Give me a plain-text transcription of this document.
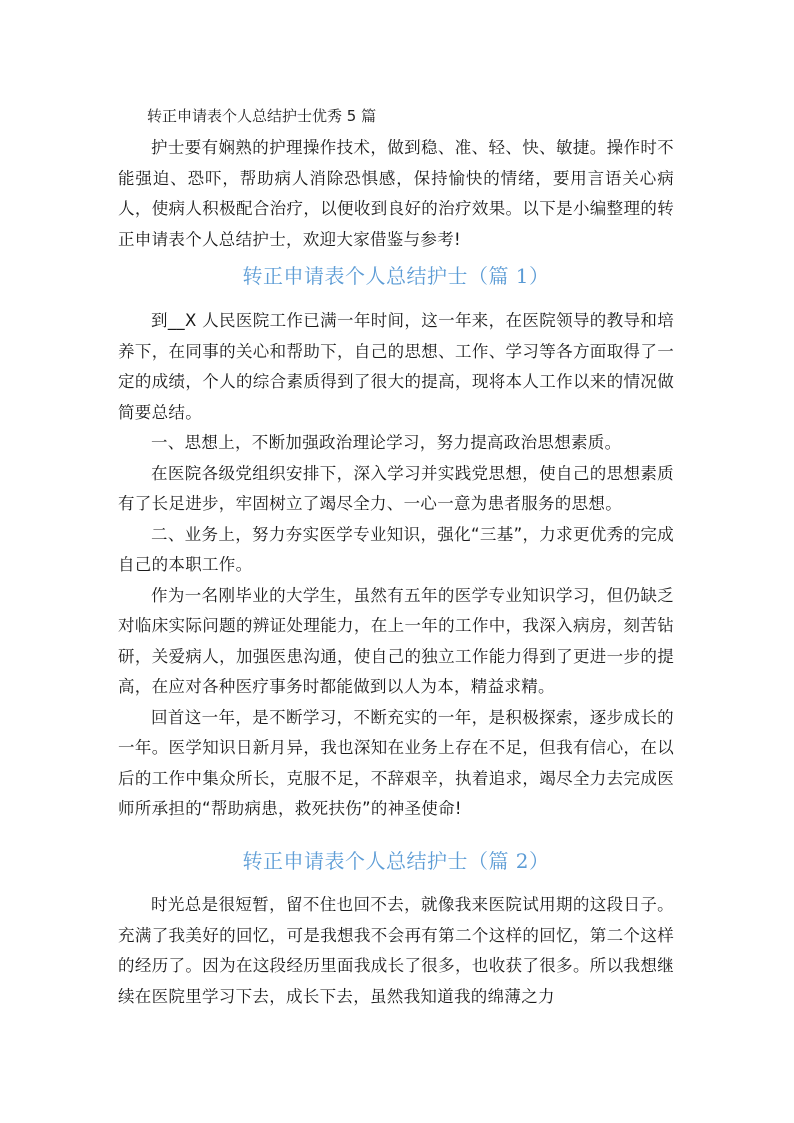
转正申请表个人总结护士优秀 5 篇

护士要有娴熟的护理操作技术，做到稳、准、轻、快、敏捷。操作时不能强迫、恐吓，帮助病人消除恐惧感，保持愉快的情绪，要用言语关心病人，使病人积极配合治疗，以便收到良好的治疗效果。以下是小编整理的转正申请表个人总结护士，欢迎大家借鉴与参考!

转正申请表个人总结护士（篇 1）

到__X 人民医院工作已满一年时间，这一年来，在医院领导的教导和培养下，在同事的关心和帮助下，自己的思想、工作、学习等各方面取得了一定的成绩，个人的综合素质得到了很大的提高，现将本人工作以来的情况做简要总结。

一、思想上，不断加强政治理论学习，努力提高政治思想素质。

在医院各级党组织安排下，深入学习并实践党思想，使自己的思想素质有了长足进步，牢固树立了竭尽全力、一心一意为患者服务的思想。

二、业务上，努力夯实医学专业知识，强化“三基”，力求更优秀的完成自己的本职工作。

作为一名刚毕业的大学生，虽然有五年的医学专业知识学习，但仍缺乏对临床实际问题的辨证处理能力，在上一年的工作中，我深入病房，刻苦钻研，关爱病人，加强医患沟通，使自己的独立工作能力得到了更进一步的提高，在应对各种医疗事务时都能做到以人为本，精益求精。

回首这一年，是不断学习，不断充实的一年，是积极探索，逐步成长的一年。医学知识日新月异，我也深知在业务上存在不足，但我有信心，在以后的工作中集众所长，克服不足，不辞艰辛，执着追求，竭尽全力去完成医师所承担的“帮助病患，救死扶伤”的神圣使命!

转正申请表个人总结护士（篇 2）

时光总是很短暂，留不住也回不去，就像我来医院试用期的这段日子。充满了我美好的回忆，可是我想我不会再有第二个这样的回忆，第二个这样的经历了。因为在这段经历里面我成长了很多，也收获了很多。所以我想继续在医院里学习下去，成长下去，虽然我知道我的绵薄之力
